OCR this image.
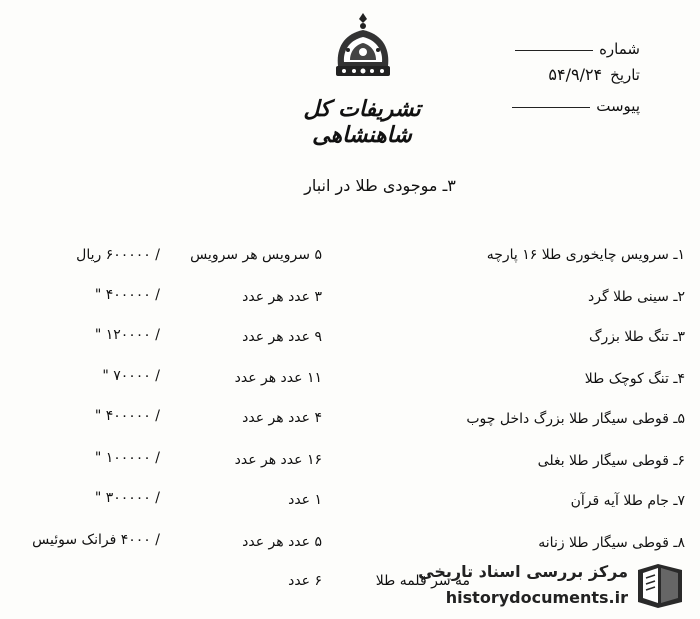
شماره
تاریخ۵۴/۹/۲۴
پیوست
تشریفات کل شاهنشاهی
۳ـ موجودی طلا در انبار
۱ـ سرویس چایخوری طلا ۱۶ پارچه
۵ سرویس هر سرویس
/ ۶۰۰۰۰۰ ریال
۲ـ سینی طلا گرد
۳ عدد هر عدد
/ ۴۰۰۰۰۰ "
۳ـ تنگ طلا بزرگ
۹ عدد هر عدد
/ ۱۲۰۰۰۰ "
۴ـ تنگ کوچک طلا
۱۱ عدد هر عدد
/ ۷۰۰۰۰ "
۵ـ قوطی سیگار طلا بزرگ داخل چوب
۴ عدد هر عدد
/ ۴۰۰۰۰۰ "
۶ـ قوطی سیگار طلا بغلی
۱۶ عدد هر عدد
/ ۱۰۰۰۰۰ "
۷ـ جام طلا آیه قرآن
۱ عدد
/ ۳۰۰۰۰۰ "
۸ـ قوطی سیگار طلا زنانه
۵ عدد هر عدد
/ ۴۰۰۰ فرانک سوئیس
مه سر قلمه طلا
۶ عدد	مرکز بررسی اسناد تاریخی
historydocuments.ir
